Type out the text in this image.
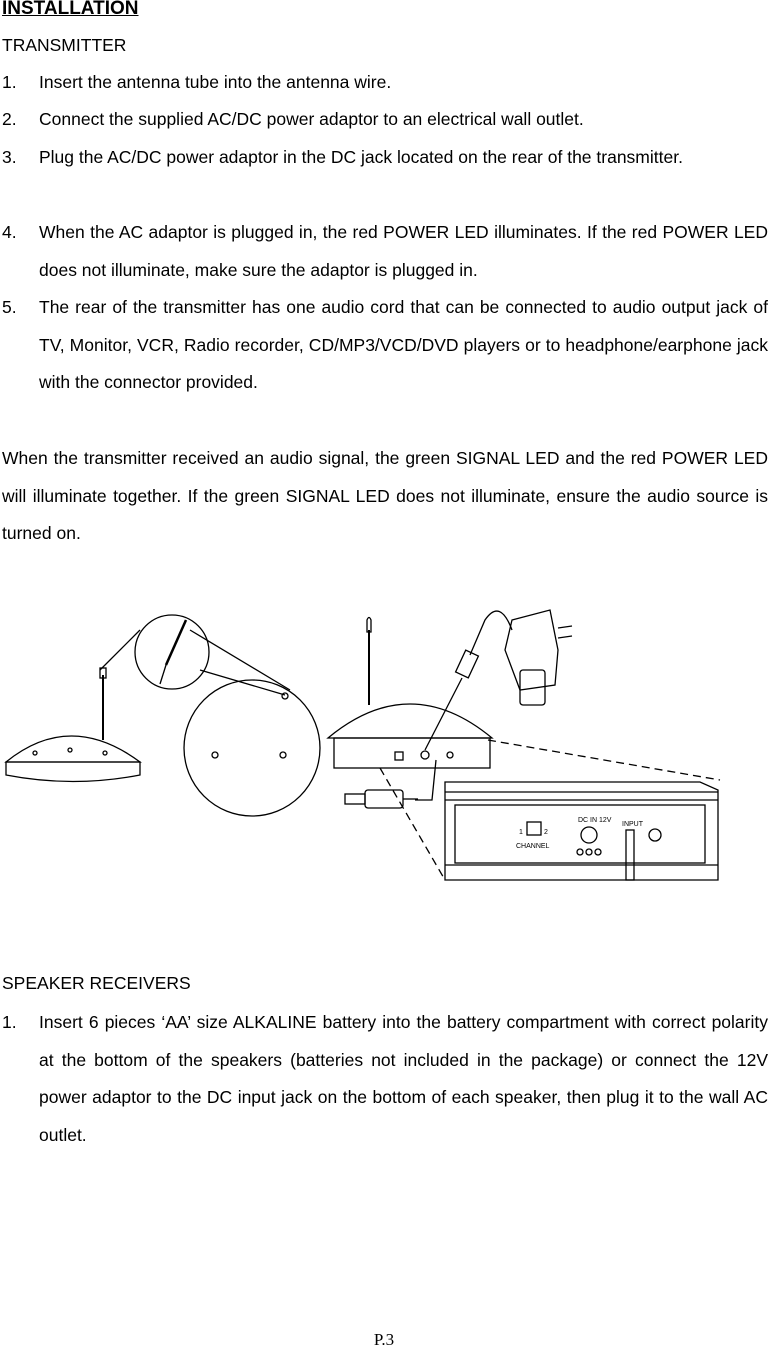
INSTALLATION
TRANSMITTER
1. Insert the antenna tube into the antenna wire.
2. Connect the supplied AC/DC power adaptor to an electrical wall outlet.
3. Plug the AC/DC power adaptor in the DC jack located on the rear of the transmitter.
4. When the AC adaptor is plugged in, the red POWER LED illuminates. If the red POWER LED does not illuminate, make sure the adaptor is plugged in.
5. The rear of the transmitter has one audio cord that can be connected to audio output jack of TV, Monitor, VCR, Radio recorder, CD/MP3/VCD/DVD players or to headphone/earphone jack with the connector provided.
When the transmitter received an audio signal, the green SIGNAL LED and the red POWER LED will illuminate together. If the green SIGNAL LED does not illuminate, ensure the audio source is turned on.
1	2
CHANNEL
DC IN 12V
INPUT
SPEAKER RECEIVERS
1. Insert 6 pieces ‘AA’ size ALKALINE battery into the battery compartment with correct polarity at the bottom of the speakers (batteries not included in the package) or connect the 12V power adaptor to the DC input jack on the bottom of each speaker, then plug it to the wall AC outlet.
P.3
